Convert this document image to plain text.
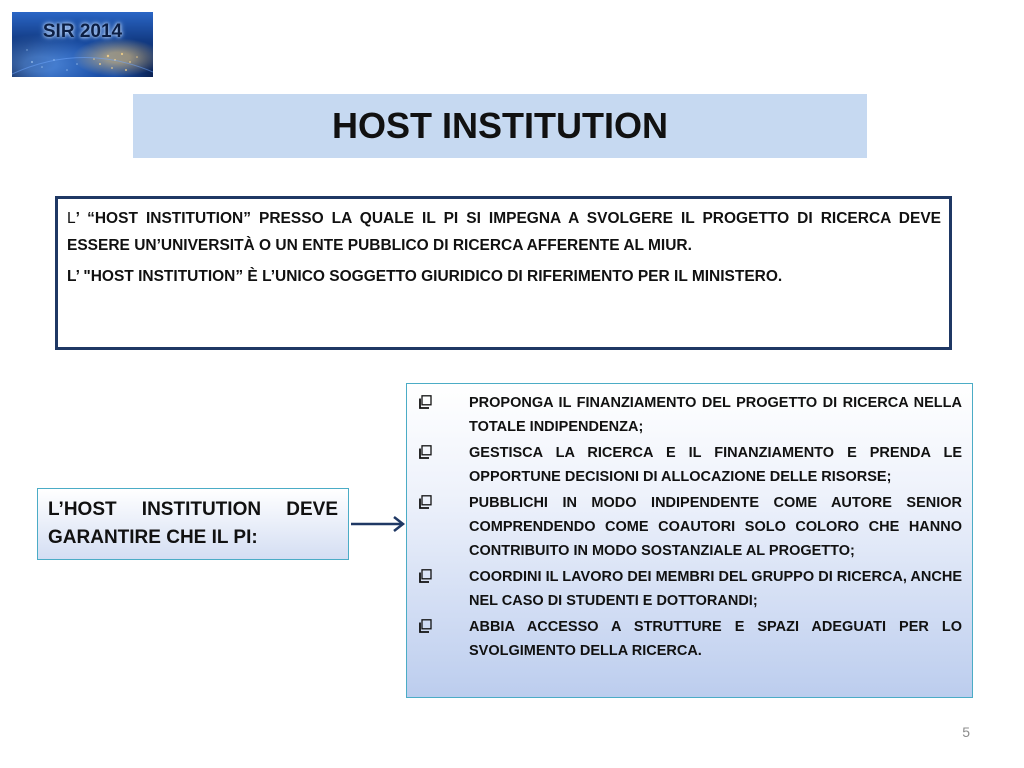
SIR 2014
HOST INSTITUTION

L’ “HOST INSTITUTION” PRESSO LA QUALE IL PI SI IMPEGNA A SVOLGERE IL PROGETTO DI RICERCA DEVE ESSERE UN’UNIVERSITÀ O UN ENTE PUBBLICO DI RICERCA AFFERENTE AL MIUR.

L’ "HOST INSTITUTION” È L’UNICO SOGGETTO GIURIDICO DI RIFERIMENTO PER IL MINISTERO.

L’HOST INSTITUTION DEVE GARANTIRE CHE IL PI:
PROPONGA IL FINANZIAMENTO DEL PROGETTO DI RICERCA NELLA TOTALE INDIPENDENZA;
GESTISCA LA RICERCA E IL FINANZIAMENTO E PRENDA LE OPPORTUNE DECISIONI DI ALLOCAZIONE DELLE RISORSE;
PUBBLICHI IN MODO INDIPENDENTE COME AUTORE SENIOR COMPRENDENDO COME COAUTORI SOLO COLORO CHE HANNO CONTRIBUITO IN MODO SOSTANZIALE AL PROGETTO;
COORDINI IL LAVORO DEI MEMBRI DEL GRUPPO DI RICERCA, ANCHE NEL CASO DI STUDENTI E DOTTORANDI;
ABBIA ACCESSO A STRUTTURE E SPAZI ADEGUATI PER LO SVOLGIMENTO DELLA RICERCA.
5
